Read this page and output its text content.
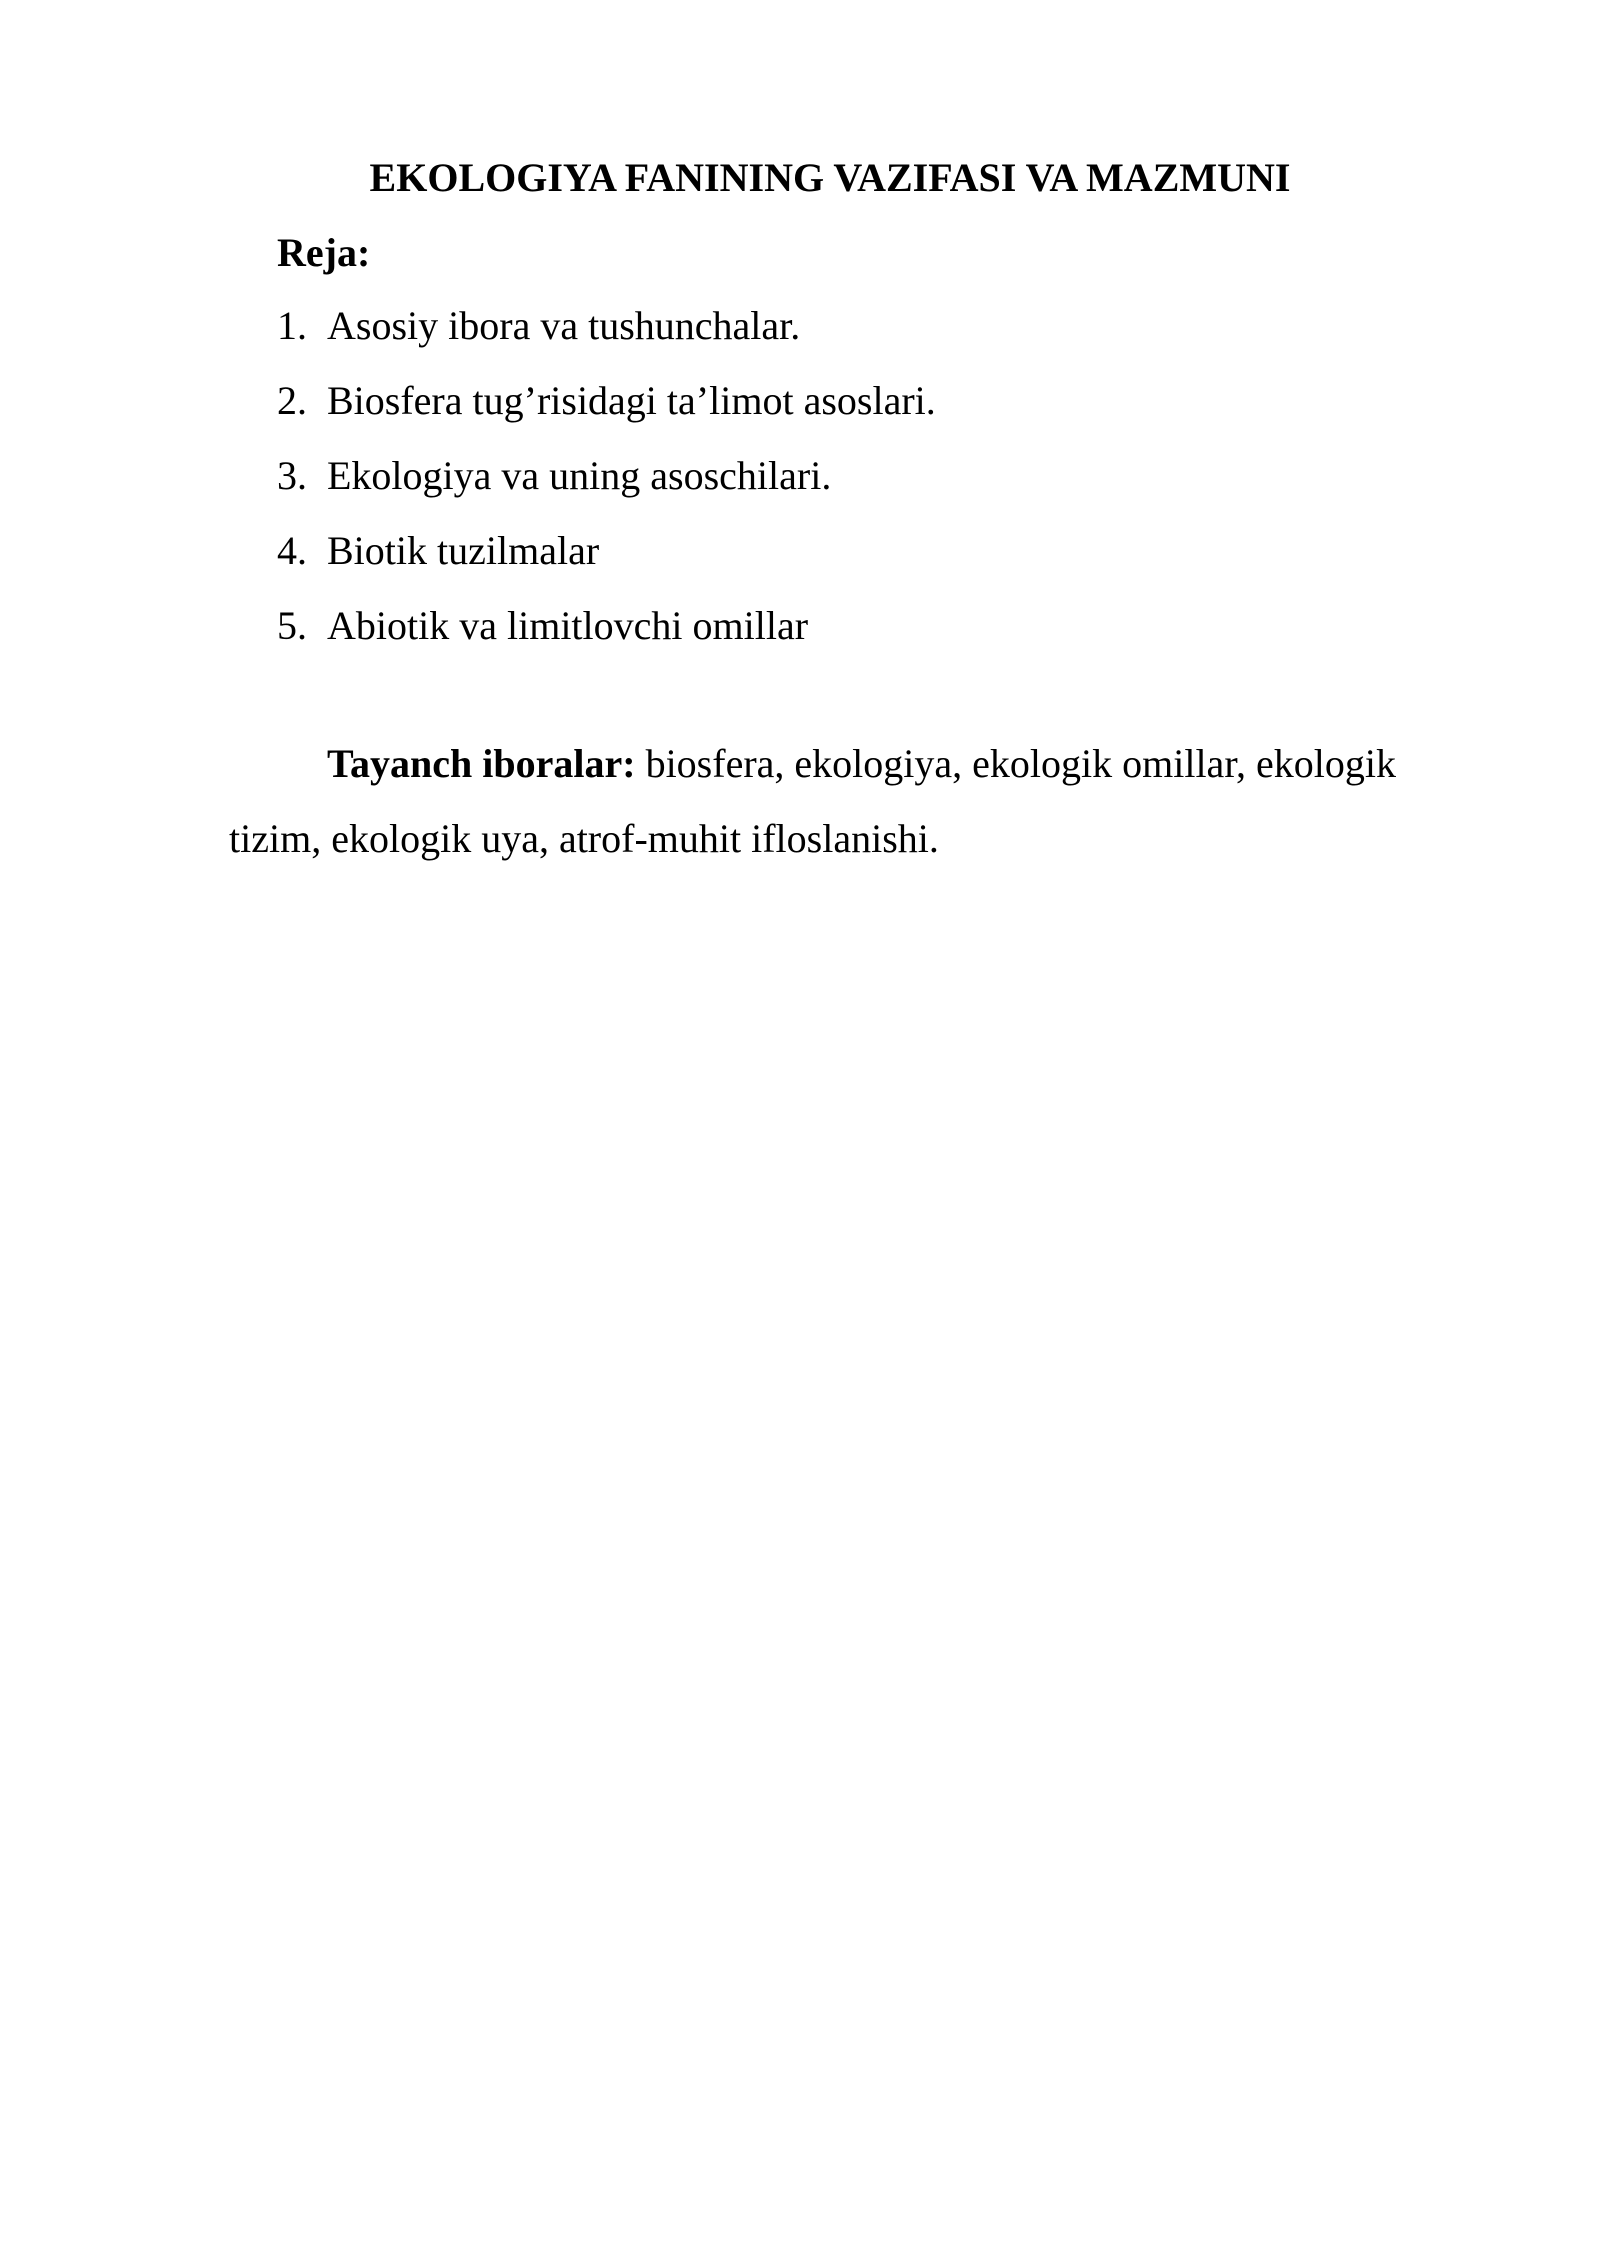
EKOLOGIYA FANINING VAZIFASI VA MAZMUNI
Reja:
1. Asosiy ibora va tushunchalar.
2. Biosfera tug’risidagi ta’limot asoslari.
3. Ekologiya va uning asoschilari.
4. Biotik tuzilmalar
5. Abiotik va limitlovchi omillar

Tayanch iboralar: biosfera, ekologiya, ekologik omillar, ekologik tizim, ekologik uya, atrof-muhit ifloslanishi.
